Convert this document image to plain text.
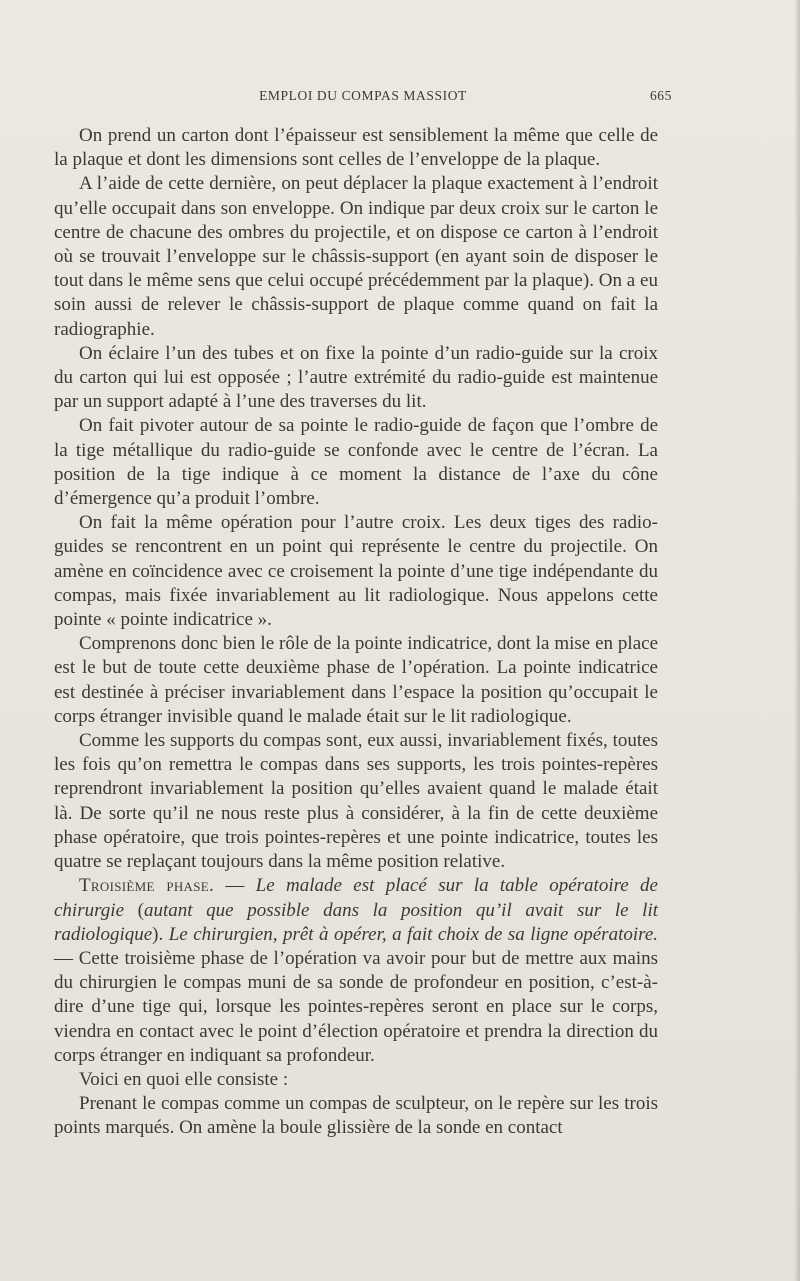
EMPLOI DU COMPAS MASSIOT	665

On prend un carton dont l’épaisseur est sensiblement la même que celle de la plaque et dont les dimensions sont celles de l’enveloppe de la plaque.

A l’aide de cette dernière, on peut déplacer la plaque exactement à l’endroit qu’elle occupait dans son enveloppe. On indique par deux croix sur le carton le centre de chacune des ombres du projectile, et on dispose ce carton à l’endroit où se trouvait l’enveloppe sur le châssis-support (en ayant soin de disposer le tout dans le même sens que celui occupé précédemment par la plaque). On a eu soin aussi de relever le châssis-support de plaque comme quand on fait la radiographie.

On éclaire l’un des tubes et on fixe la pointe d’un radio-guide sur la croix du carton qui lui est opposée ; l’autre extrémité du radio-guide est maintenue par un support adapté à l’une des traverses du lit.

On fait pivoter autour de sa pointe le radio-guide de façon que l’ombre de la tige métallique du radio-guide se confonde avec le centre de l’écran. La position de la tige indique à ce moment la distance de l’axe du cône d’émergence qu’a produit l’ombre.

On fait la même opération pour l’autre croix. Les deux tiges des radio-guides se rencontrent en un point qui représente le centre du projectile. On amène en coïncidence avec ce croisement la pointe d’une tige indépendante du compas, mais fixée invariablement au lit radiologique. Nous appelons cette pointe « pointe indicatrice ».

Comprenons donc bien le rôle de la pointe indicatrice, dont la mise en place est le but de toute cette deuxième phase de l’opération. La pointe indicatrice est destinée à préciser invariablement dans l’espace la position qu’occupait le corps étranger invisible quand le malade était sur le lit radiologique.

Comme les supports du compas sont, eux aussi, invariablement fixés, toutes les fois qu’on remettra le compas dans ses supports, les trois pointes-repères reprendront invariablement la position qu’elles avaient quand le malade était là. De sorte qu’il ne nous reste plus à considérer, à la fin de cette deuxième phase opératoire, que trois pointes-repères et une pointe indicatrice, toutes les quatre se replaçant toujours dans la même position relative.

Troisième phase. — Le malade est placé sur la table opératoire de chirurgie (autant que possible dans la position qu’il avait sur le lit radiologique). Le chirurgien, prêt à opérer, a fait choix de sa ligne opératoire.— Cette troisième phase de l’opération va avoir pour but de mettre aux mains du chirurgien le compas muni de sa sonde de profondeur en position, c’est-à-dire d’une tige qui, lorsque les pointes-repères seront en place sur le corps, viendra en contact avec le point d’élection opératoire et prendra la direction du corps étranger en indiquant sa profondeur.

Voici en quoi elle consiste :

Prenant le compas comme un compas de sculpteur, on le repère sur les trois points marqués. On amène la boule glissière de la sonde en contact
